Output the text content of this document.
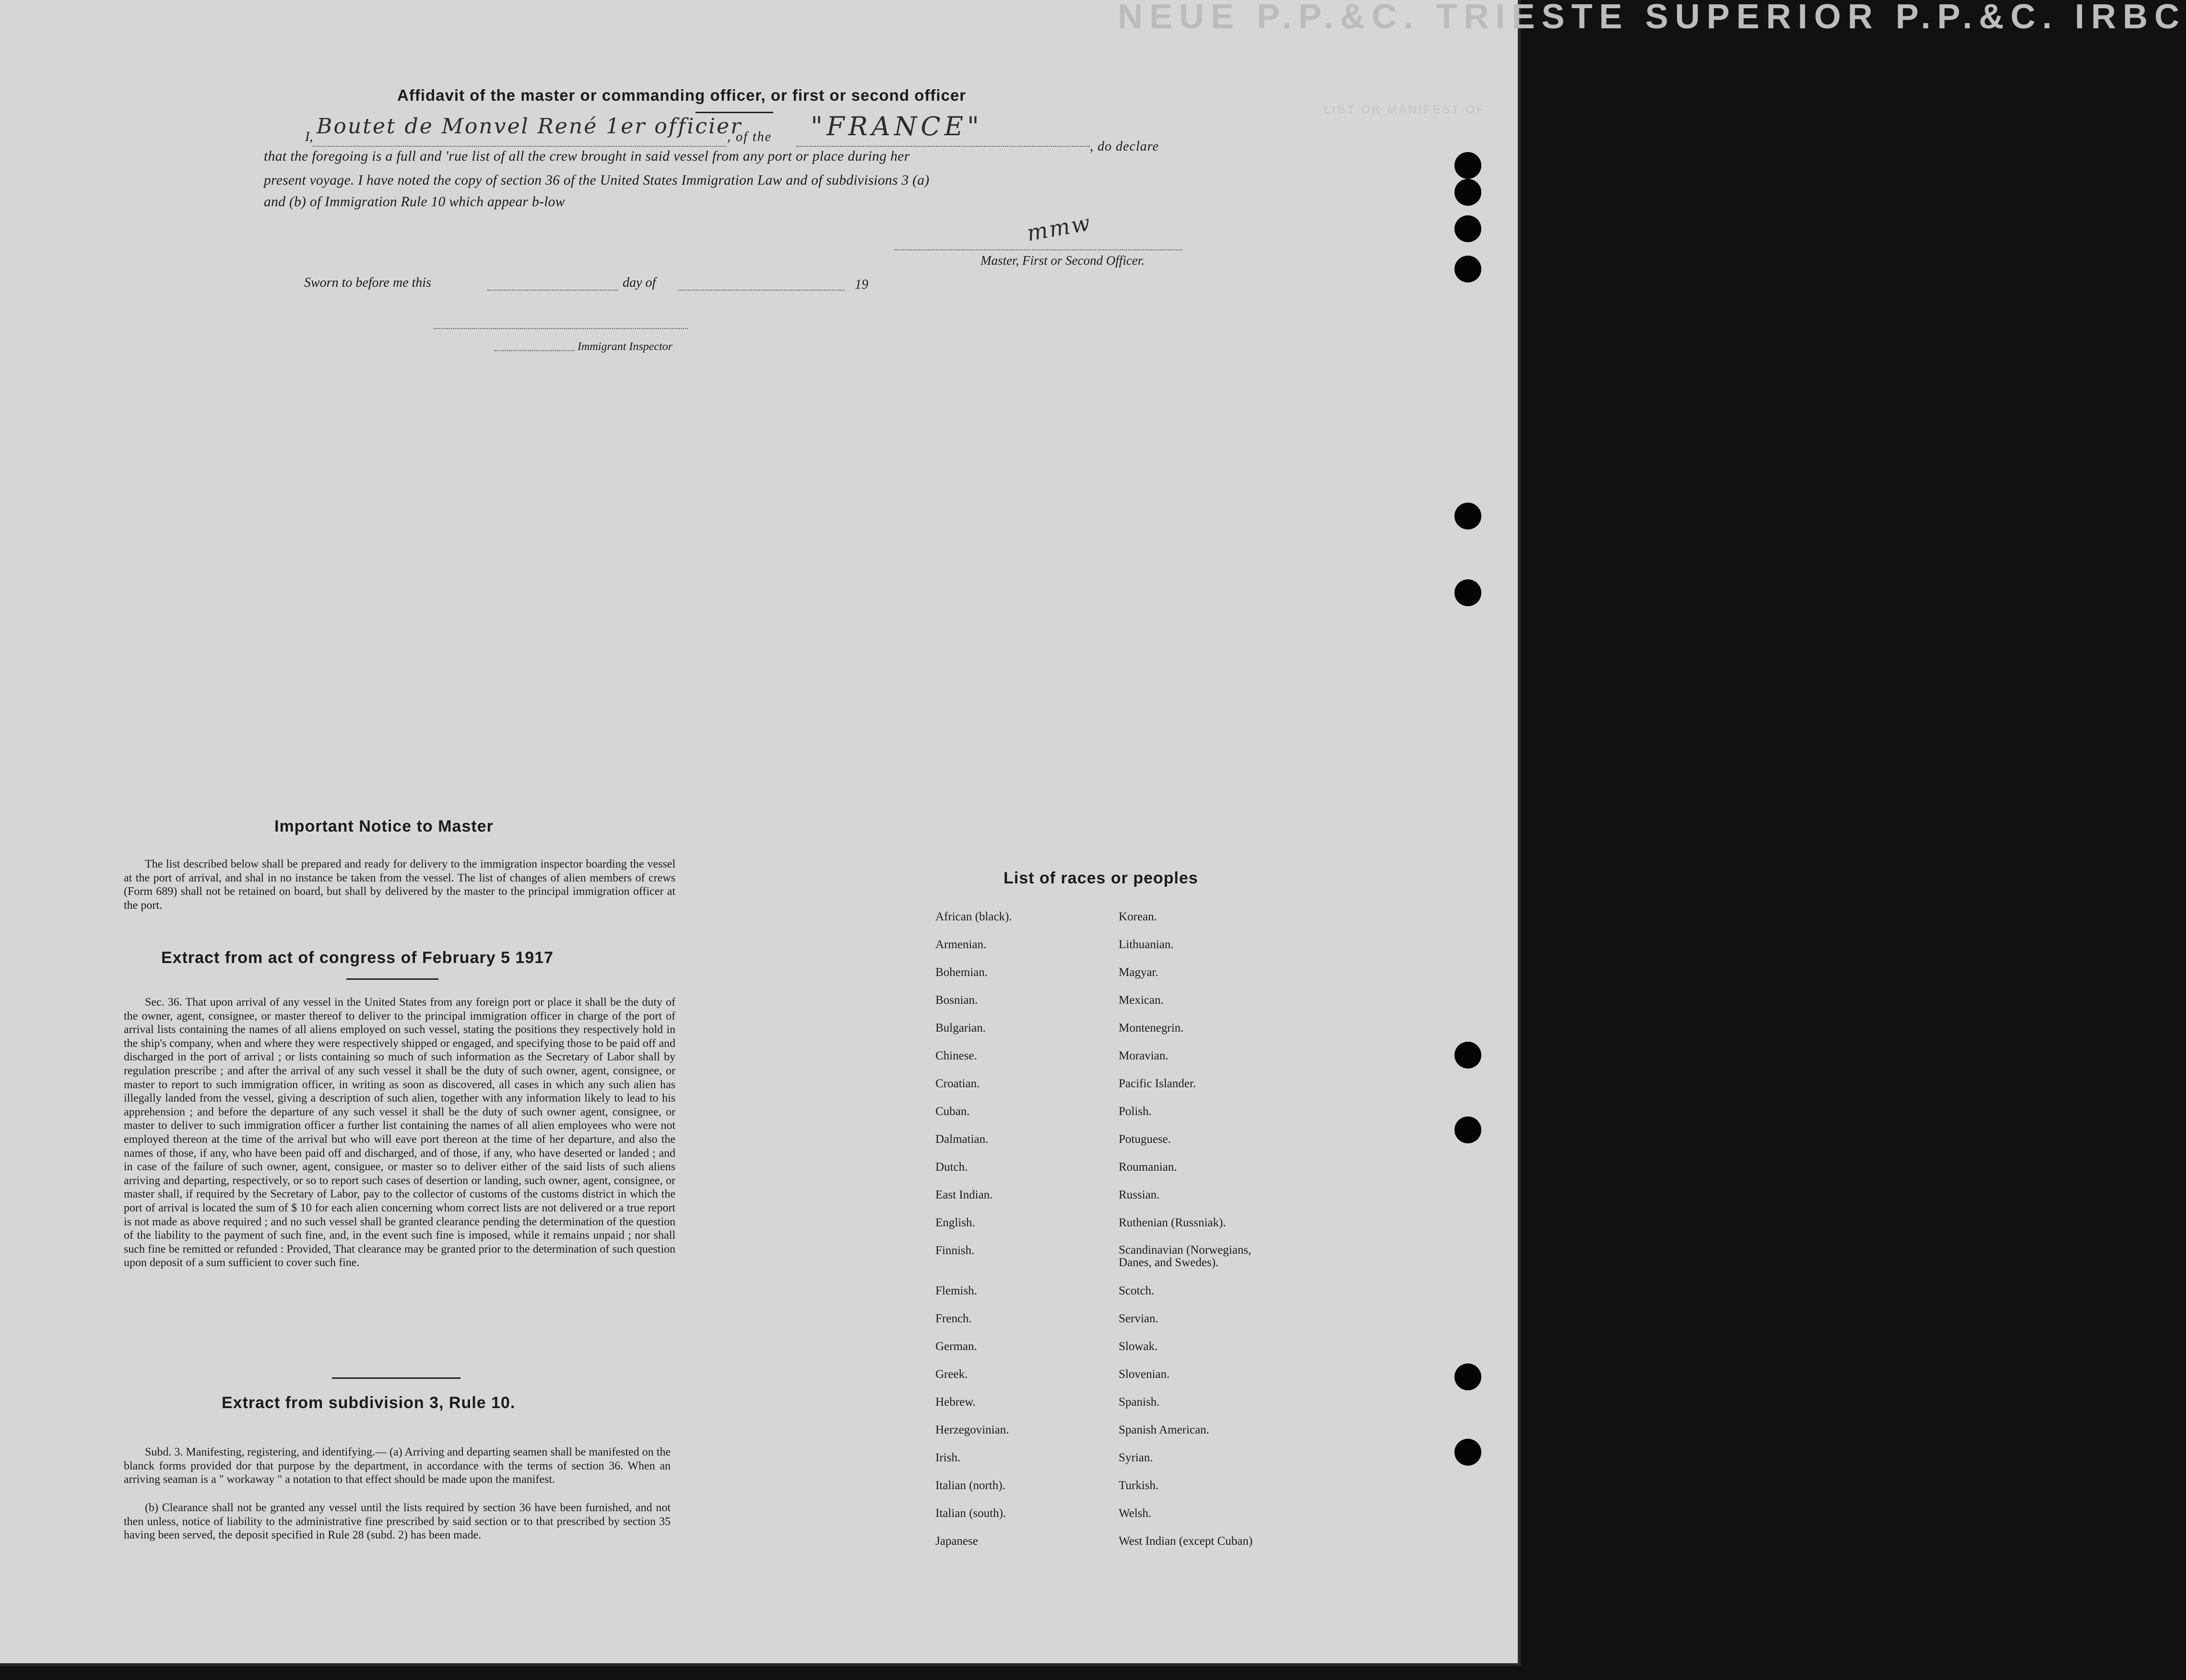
NEUE P.P.&C. TRIESTE SUPERIOR P.P.&C. IRBC
LIST OR MANIFEST OF
Affidavit of the master or commanding officer, or first or second officer
I, Boutet de Monvel René 1er officier
, of the "FRANCE"
, do declare
that the foregoing is a full and 'rue list of all the crew brought in said vessel from any port or place during her
present voyage. I have noted the copy of section 36 of the United States Immigration Law and of subdivisions 3 (a)
and (b) of Immigration Rule 10 which appear b-low
mmw
Master, First or Second Officer.
Sworn to before me this	day of	19
Immigrant Inspector
Important Notice to Master
The list described below shall be prepared and ready for delivery to the immigration inspector boarding the vessel at the port of arrival, and shal in no instance be taken from the vessel. The list of changes of alien members of crews (Form 689) shall not be retained on board, but shall by delivered by the master to the principal immigration officer at the port.
Extract from act of congress of February 5 1917
Sec. 36. That upon arrival of any vessel in the United States from any foreign port or place it shall be the duty of the owner, agent, consignee, or master thereof to deliver to the principal immigration officer in charge of the port of arrival lists containing the names of all aliens employed on such vessel, stating the positions they respectively hold in the ship's company, when and where they were respectively shipped or engaged, and specifying those to be paid off and discharged in the port of arrival ; or lists containing so much of such information as the Secretary of Labor shall by regulation prescribe ; and after the arrival of any such vessel it shall be the duty of such owner, agent, consignee, or master to report to such immigration officer, in writing as soon as discovered, all cases in which any such alien has illegally landed from the vessel, giving a description of such alien, together with any information likely to lead to his apprehension ; and before the departure of any such vessel it shall be the duty of such owner agent, consignee, or master to deliver to such immigration officer a further list containing the names of all alien employees who were not employed thereon at the time of the arrival but who will eave port thereon at the time of her departure, and also the names of those, if any, who have been paid off and discharged, and of those, if any, who have deserted or landed ; and in case of the failure of such owner, agent, consiguee, or master so to deliver either of the said lists of such aliens arriving and departing, respectively, or so to report such cases of desertion or landing, such owner, agent, consignee, or master shall, if required by the Secretary of Labor, pay to the collector of customs of the customs district in which the port of arrival is located the sum of $ 10 for each alien concerning whom correct lists are not delivered or a true report is not made as above required ; and no such vessel shall be granted clearance pending the determination of the question of the liability to the payment of such fine, and, in the event such fine is imposed, while it remains unpaid ; nor shall such fine be remitted or refunded : Provided, That clearance may be granted prior to the determination of such question upon deposit of a sum sufficient to cover such fine.
Extract from subdivision 3, Rule 10.
Subd. 3. Manifesting, registering, and identifying.— (a) Arriving and departing seamen shall be manifested on the blanck forms provided dor that purpose by the department, in accordance with the terms of section 36. When an arriving seaman is a " workaway " a notation to that effect should be made upon the manifest.
(b) Clearance shall not be granted any vessel until the lists required by section 36 have been furnished, and not then unless, notice of liability to the administrative fine prescribed by said section or to that prescribed by section 35 having been served, the deposit specified in Rule 28 (subd. 2) has been made.
List of races or peoples
African (black).
Armenian.
Bohemian.
Bosnian.
Bulgarian.
Chinese.
Croatian.
Cuban.
Dalmatian.
Dutch.
East Indian.
English.
Finnish.
Flemish.
French.
German.
Greek.
Hebrew.
Herzegovinian.
Irish.
Italian (north).
Italian (south).
Japanese
Korean.
Lithuanian.
Magyar.
Mexican.
Montenegrin.
Moravian.
Pacific Islander.
Polish.
Potuguese.
Roumanian.
Russian.
Ruthenian (Russniak).
Scandinavian (Norwegians, Danes, and Swedes).
Scotch.
Servian.
Slowak.
Slovenian.
Spanish.
Spanish American.
Syrian.
Turkish.
Welsh.
West Indian (except Cuban)
